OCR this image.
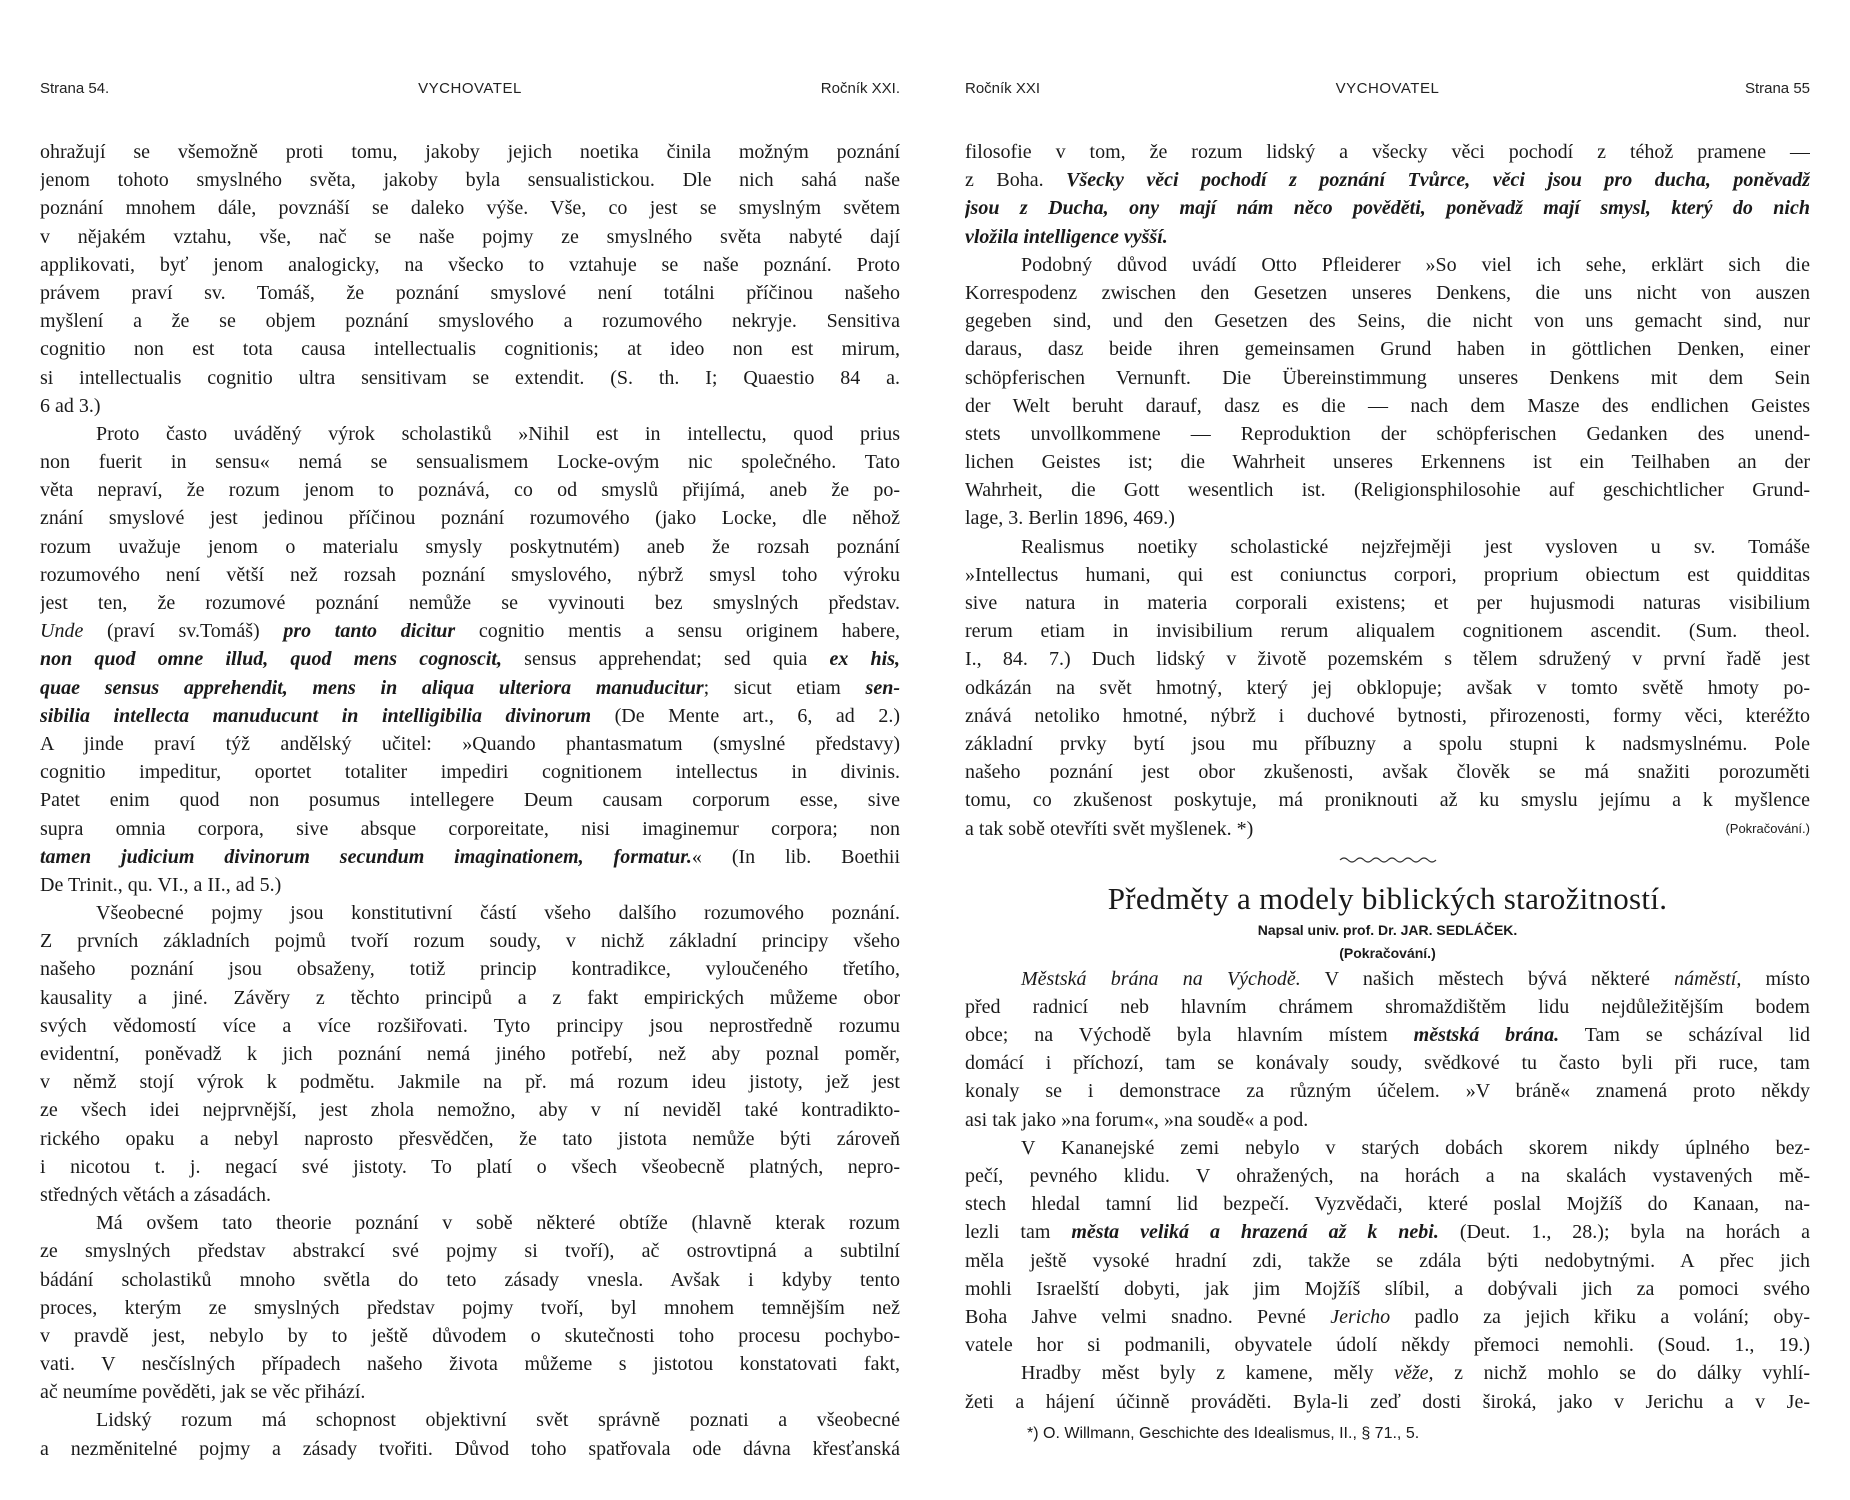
Strana 54.	VYCHOVATEL	Ročník XXI.
ohražují se všemožně proti tomu, jakoby jejich noetika činila možným poznání
jenom tohoto smyslného světa, jakoby byla sensualistickou. Dle nich sahá naše
poznání mnohem dále, povznáší se daleko výše. Vše, co jest se smyslným světem
v nějakém vztahu, vše, nač se naše pojmy ze smyslného světa nabyté dají
applikovati, byť jenom analogicky, na všecko to vztahuje se naše poznání. Proto
právem praví sv. Tomáš, že poznání smyslové není totálni příčinou našeho
myšlení a že se objem poznání smyslového a rozumového nekryje. Sensitiva
cognitio non est tota causa intellectualis cognitionis; at ideo non est mirum,
si intellectualis cognitio ultra sensitivam se extendit. (S. th. I; Quaestio 84 a.
6 ad 3.)
Proto často uváděný výrok scholastiků »Nihil est in intellectu, quod prius
non fuerit in sensu« nemá se sensualismem Locke-ovým nic společného. Tato
věta nepraví, že rozum jenom to poznává, co od smyslů přijímá, aneb že po-
znání smyslové jest jedinou příčinou poznání rozumového (jako Locke, dle něhož
rozum uvažuje jenom o materialu smysly poskytnutém) aneb že rozsah poznání
rozumového není větší než rozsah poznání smyslového, nýbrž smysl toho výroku
jest ten, že rozumové poznání nemůže se vyvinouti bez smyslných představ.
Unde (praví sv.Tomáš) pro tanto dicitur cognitio mentis a sensu originem habere,
non quod omne illud, quod mens cognoscit, sensus apprehendat; sed quia ex his,
quae sensus apprehendit, mens in aliqua ulteriora manuducitur; sicut etiam sen-
sibilia intellecta manuducunt in intelligibilia divinorum (De Mente art., 6, ad 2.)
A jinde praví týž andělský učitel: »Quando phantasmatum (smyslné představy)
cognitio impeditur, oportet totaliter impediri cognitionem intellectus in divinis.
Patet enim quod non posumus intellegere Deum causam corporum esse, sive
supra omnia corpora, sive absque corporeitate, nisi imaginemur corpora; non
tamen judicium divinorum secundum imaginationem, formatur.« (In lib. Boethii
De Trinit., qu. VI., a II., ad 5.)
Všeobecné pojmy jsou konstitutivní částí všeho dalšího rozumového poznání.
Z prvních základních pojmů tvoří rozum soudy, v nichž základní principy všeho
našeho poznání jsou obsaženy, totiž princip kontradikce, vyloučeného třetího,
kausality a jiné. Závěry z těchto principů a z fakt empirických můžeme obor
svých vědomostí více a více rozšiřovati. Tyto principy jsou neprostředně rozumu
evidentní, poněvadž k jich poznání nemá jiného potřebí, než aby poznal poměr,
v němž stojí výrok k podmětu. Jakmile na př. má rozum ideu jistoty, jež jest
ze všech idei nejprvnější, jest zhola nemožno, aby v ní neviděl také kontradikto-
rického opaku a nebyl naprosto přesvědčen, že tato jistota nemůže býti zároveň
i nicotou t. j. negací své jistoty. To platí o všech všeobecně platných, nepro-
středných větách a zásadách.
Má ovšem tato theorie poznání v sobě některé obtíže (hlavně kterak rozum
ze smyslných představ abstrakcí své pojmy si tvoří), ač ostrovtipná a subtilní
bádání scholastiků mnoho světla do teto zásady vnesla. Avšak i kdyby tento
proces, kterým ze smyslných představ pojmy tvoří, byl mnohem temnějším než
v pravdě jest, nebylo by to ještě důvodem o skutečnosti toho procesu pochybo-
vati. V nesčíslných případech našeho života můžeme s jistotou konstatovati fakt,
ač neumíme pověděti, jak se věc přihází.
Lidský rozum má schopnost objektivní svět správně poznati a všeobecné
a nezměnitelné pojmy a zásady tvořiti. Důvod toho spatřovala ode dávna křesťanská
Ročník XXI	VYCHOVATEL	Strana 55
filosofie v tom, že rozum lidský a všecky věci pochodí z téhož pramene —
z Boha. Všecky věci pochodí z poznání Tvůrce, věci jsou pro ducha, poněvadž
jsou z Ducha, ony mají nám něco pověděti, poněvadž mají smysl, který do nich
vložila intelligence vyšší.
Podobný důvod uvádí Otto Pfleiderer »So viel ich sehe, erklärt sich die
Korrespodenz zwischen den Gesetzen unseres Denkens, die uns nicht von auszen
gegeben sind, und den Gesetzen des Seins, die nicht von uns gemacht sind, nur
daraus, dasz beide ihren gemeinsamen Grund haben in göttlichen Denken, einer
schöpferischen Vernunft. Die Übereinstimmung unseres Denkens mit dem Sein
der Welt beruht darauf, dasz es die — nach dem Masze des endlichen Geistes
stets unvollkommene — Reproduktion der schöpferischen Gedanken des unend-
lichen Geistes ist; die Wahrheit unseres Erkennens ist ein Teilhaben an der
Wahrheit, die Gott wesentlich ist. (Religionsphilosohie auf geschichtlicher Grund-
lage, 3. Berlin 1896, 469.)
Realismus noetiky scholastické nejzřejměji jest vysloven u sv. Tomáše
»Intellectus humani, qui est coniunctus corpori, proprium obiectum est quidditas
sive natura in materia corporali existens; et per hujusmodi naturas visibilium
rerum etiam in invisibilium rerum aliqualem cognitionem ascendit. (Sum. theol.
I., 84. 7.) Duch lidský v životě pozemském s tělem sdružený v první řadě jest
odkázán na svět hmotný, který jej obklopuje; avšak v tomto světě hmoty po-
znává netoliko hmotné, nýbrž i duchové bytnosti, přirozenosti, formy věci, kteréžto
základní prvky bytí jsou mu příbuzny a spolu stupni k nadsmyslnému. Pole
našeho poznání jest obor zkušenosti, avšak člověk se má snažiti porozuměti
tomu, co zkušenost poskytuje, má proniknouti až ku smyslu jejímu a k myšlence
a tak sobě otevříti svět myšlenek. *)	(Pokračování.)
Předměty a modely biblických starožitností.
Napsal univ. prof. Dr. JAR. SEDLÁČEK.
(Pokračování.)
Městská brána na Východě. V našich městech bývá některé náměstí, místo
před radnicí neb hlavním chrámem shromaždištěm lidu nejdůležitějším bodem
obce; na Východě byla hlavním místem městská brána. Tam se scházíval lid
domácí i příchozí, tam se konávaly soudy, svědkové tu často byli při ruce, tam
konaly se i demonstrace za různým účelem. »V bráně« znamená proto někdy
asi tak jako »na forum«, »na soudě« a pod.
V Kananejské zemi nebylo v starých dobách skorem nikdy úplného bez-
pečí, pevného klidu. V ohražených, na horách a na skalách vystavených mě-
stech hledal tamní lid bezpečí. Vyzvědači, které poslal Mojžíš do Kanaan, na-
lezli tam města veliká a hrazená až k nebi. (Deut. 1., 28.); byla na horách a
měla ještě vysoké hradní zdi, takže se zdála býti nedobytnými. A přec jich
mohli Israelští dobyti, jak jim Mojžíš slíbil, a dobývali jich za pomoci svého
Boha Jahve velmi snadno. Pevné Jericho padlo za jejich křiku a volání; oby-
vatele hor si podmanili, obyvatele údolí někdy přemoci nemohli. (Soud. 1., 19.)
Hradby měst byly z kamene, měly věže, z nichž mohlo se do dálky vyhlí-
žeti a hájení účinně prováděti. Byla-li zeď dosti široká, jako v Jerichu a v Je-
*) O. Willmann, Geschichte des Idealismus, II., § 71., 5.
